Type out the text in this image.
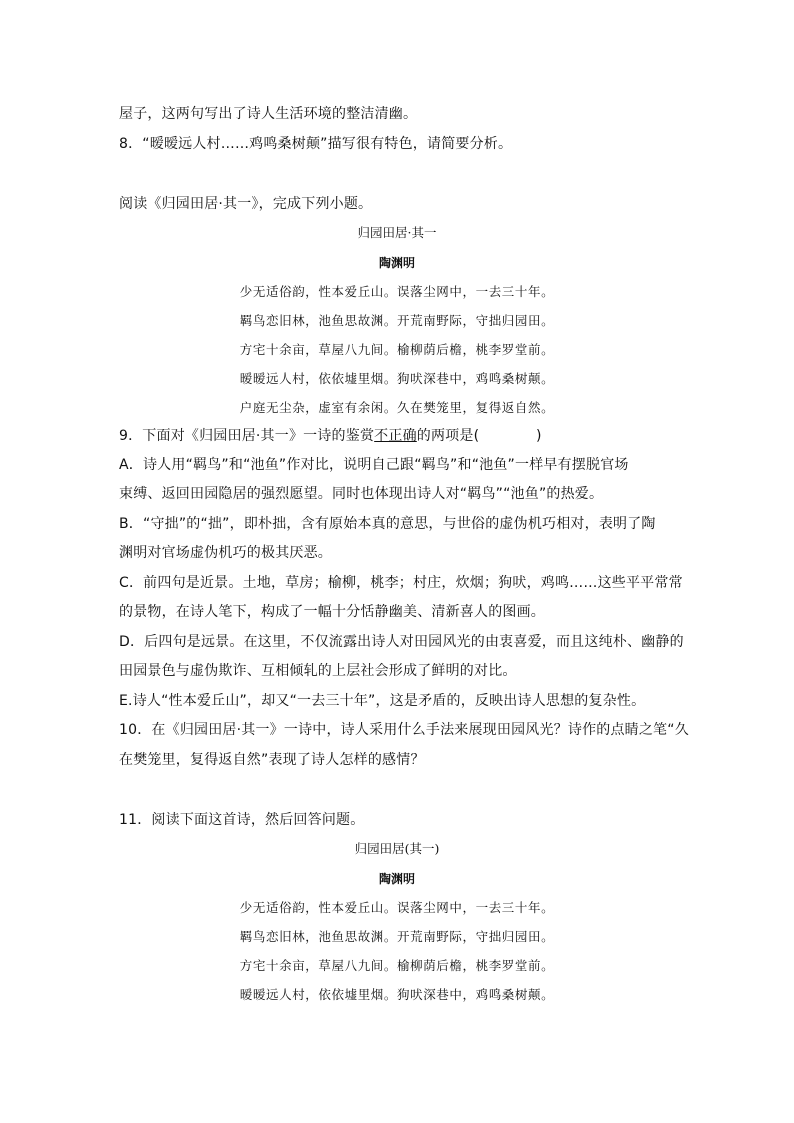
屋子，这两句写出了诗人生活环境的整洁清幽。
8．“暧暧远人村……鸡鸣桑树颠”描写很有特色，请简要分析。
阅读《归园田居·其一》，完成下列小题。
归园田居·其一
陶渊明
少无适俗韵，性本爱丘山。误落尘网中，一去三十年。
羁鸟恋旧林，池鱼思故渊。开荒南野际，守拙归园田。
方宅十余亩，草屋八九间。榆柳荫后檐，桃李罗堂前。
暧暧远人村，依依墟里烟。狗吠深巷中，鸡鸣桑树颠。
户庭无尘杂，虚室有余闲。久在樊笼里，复得返自然。
9．下面对《归园田居·其一》一诗的鉴赏不正确的两项是(　　　　)
A．诗人用“羁鸟”和“池鱼”作对比，说明自己跟“羁鸟”和“池鱼”一样早有摆脱官场
束缚、返回田园隐居的强烈愿望。同时也体现出诗人对“羁鸟”“池鱼”的热爱。
B．“守拙”的“拙”，即朴拙，含有原始本真的意思，与世俗的虚伪机巧相对，表明了陶
渊明对官场虚伪机巧的极其厌恶。
C．前四句是近景。土地，草房；榆柳，桃李；村庄，炊烟；狗吠，鸡鸣……这些平平常常
的景物，在诗人笔下，构成了一幅十分恬静幽美、清新喜人的图画。
D．后四句是远景。在这里，不仅流露出诗人对田园风光的由衷喜爱，而且这纯朴、幽静的
田园景色与虚伪欺诈、互相倾轧的上层社会形成了鲜明的对比。
E.诗人“性本爱丘山”，却又“一去三十年”，这是矛盾的，反映出诗人思想的复杂性。
10．在《归园田居·其一》一诗中，诗人采用什么手法来展现田园风光？诗作的点睛之笔“久
在樊笼里，复得返自然”表现了诗人怎样的感情？
11．阅读下面这首诗，然后回答问题。
归园田居(其一)
陶渊明
少无适俗韵，性本爱丘山。误落尘网中，一去三十年。
羁鸟恋旧林，池鱼思故渊。开荒南野际，守拙归园田。
方宅十余亩，草屋八九间。榆柳荫后檐，桃李罗堂前。
暧暧远人村，依依墟里烟。狗吠深巷中，鸡鸣桑树颠。
